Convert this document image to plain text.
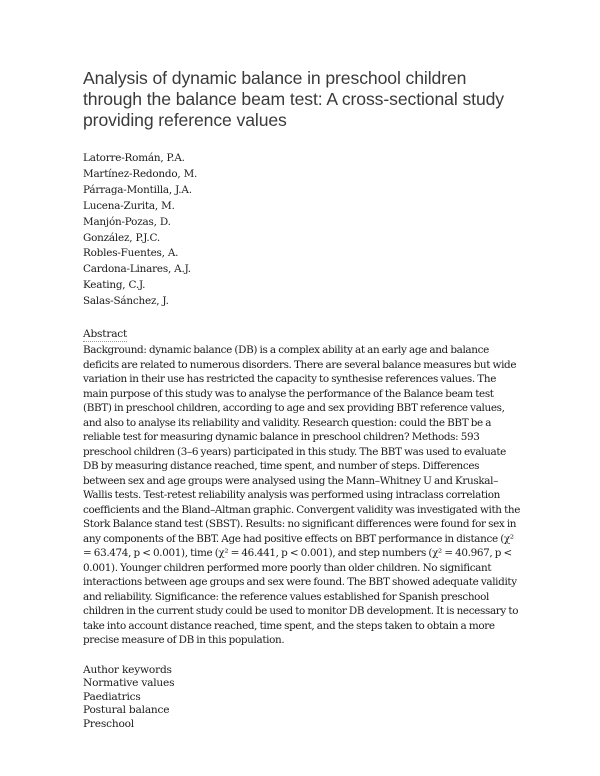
Analysis of dynamic balance in preschool children through the balance beam test: A cross-sectional study providing reference values
Latorre-Román, P.A.
Martínez-Redondo, M.
Párraga-Montilla, J.A.
Lucena-Zurita, M.
Manjón-Pozas, D.
González, P.J.C.
Robles-Fuentes, A.
Cardona-Linares, A.J.
Keating, C.J.
Salas-Sánchez, J.

Abstract

Background: dynamic balance (DB) is a complex ability at an early age and balance deficits are related to numerous disorders. There are several balance measures but wide variation in their use has restricted the capacity to synthesise references values. The main purpose of this study was to analyse the performance of the Balance beam test (BBT) in preschool children, according to age and sex providing BBT reference values, and also to analyse its reliability and validity. Research question: could the BBT be a reliable test for measuring dynamic balance in preschool children? Methods: 593 preschool children (3–6 years) participated in this study. The BBT was used to evaluate DB by measuring distance reached, time spent, and number of steps. Differences between sex and age groups were analysed using the Mann–Whitney U and Kruskal–Wallis tests. Test-retest reliability analysis was performed using intraclass correlation coefficients and the Bland–Altman graphic. Convergent validity was investigated with the Stork Balance stand test (SBST). Results: no significant differences were found for sex in any components of the BBT. Age had positive effects on BBT performance in distance (χ² = 63.474, p < 0.001), time (χ² = 46.441, p < 0.001), and step numbers (χ² = 40.967, p < 0.001). Younger children performed more poorly than older children. No significant interactions between age groups and sex were found. The BBT showed adequate validity and reliability. Significance: the reference values established for Spanish preschool children in the current study could be used to monitor DB development. It is necessary to take into account distance reached, time spent, and the steps taken to obtain a more precise measure of DB in this population.

Author keywords

Normative values
Paediatrics
Postural balance
Preschool
